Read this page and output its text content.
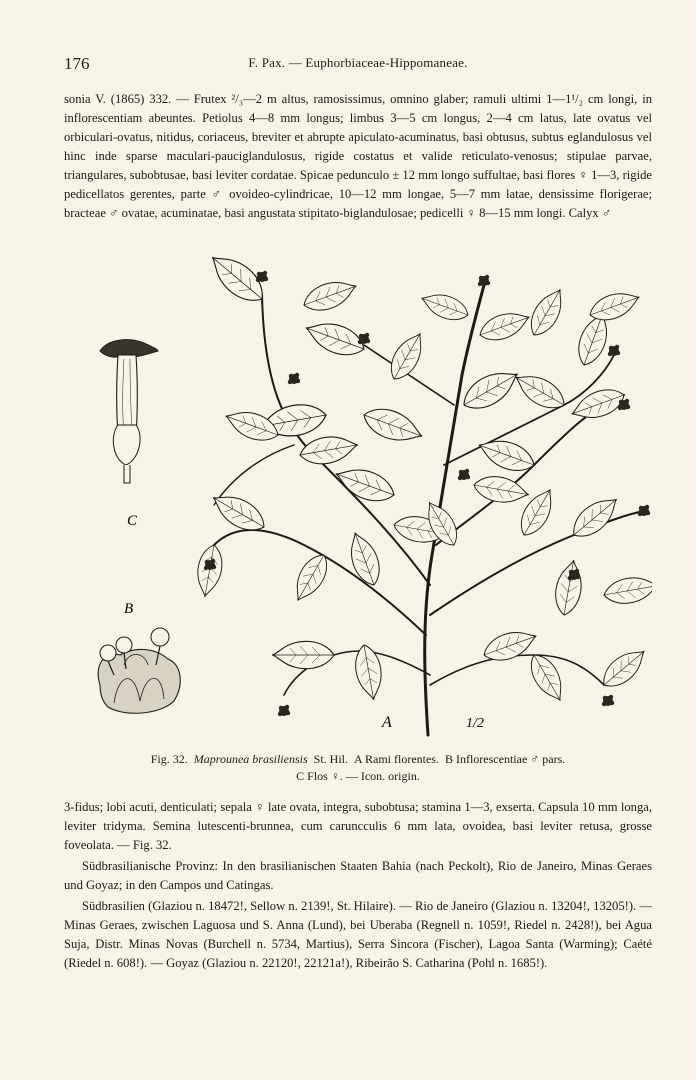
176	F. Pax. — Euphorbiaceae-Hippomaneae.

sonia V. (1865) 332. — Frutex ²/₃—2 m altus, ramosissimus, omnino glaber; ramuli ultimi 1—1¹/₂ cm longi, in inflorescentiam abeuntes. Petiolus 4—8 mm longus; limbus 3—5 cm longus, 2—4 cm latus, late ovatus vel orbiculari-ovatus, nitidus, coriaceus, breviter et abrupte apiculato-acuminatus, basi obtusus, subtus eglandulosus vel hinc inde sparse maculari-pauciglandulosus, rigide costatus et valide reticulato-venosus; stipulae parvae, triangulares, subobtusae, basi leviter cordatae. Spicae pedunculo ± 12 mm longo suffultae, basi flores ♀ 1—3, rigide pedicellatos gerentes, parte ♂ ovoideo-cylindricae, 10—12 mm longae, 5—7 mm latae, densissime florigerae; bracteae ♂ ovatae, acuminatae, basi angustata stipitato-biglandulosae; pedicelli ♀ 8—15 mm longi. Calyx ♂

C
B
A	1/2
Fig. 32. Maprounea brasiliensis St. Hil. A Rami florentes. B Inflorescentiae ♂ pars.
C Flos ♀. — Icon. origin.

3-fidus; lobi acuti, denticulati; sepala ♀ late ovata, integra, subobtusa; stamina 1—3, exserta. Capsula 10 mm longa, leviter tridyma. Semina lutescenti-brunnea, cum caruncculis 6 mm lata, ovoidea, basi leviter retusa, grosse foveolata. — Fig. 32.

Südbrasilianische Provinz: In den brasilianischen Staaten Bahia (nach Peckolt), Rio de Janeiro, Minas Geraes und Goyaz; in den Campos und Catingas.

Südbrasilien (Glaziou n. 18472!, Sellow n. 2139!, St. Hilaire). — Rio de Janeiro (Glaziou n. 13204!, 13205!). — Minas Geraes, zwischen Laguosa und S. Anna (Lund), bei Uberaba (Regnell n. 1059!, Riedel n. 2428!), bei Agua Suja, Distr. Minas Novas (Burchell n. 5734, Martius), Serra Sincora (Fischer), Lagoa Santa (Warming); Caété (Riedel n. 608!). — Goyaz (Glaziou n. 22120!, 22121a!), Ribeirão S. Catharina (Pohl n. 1685!).
